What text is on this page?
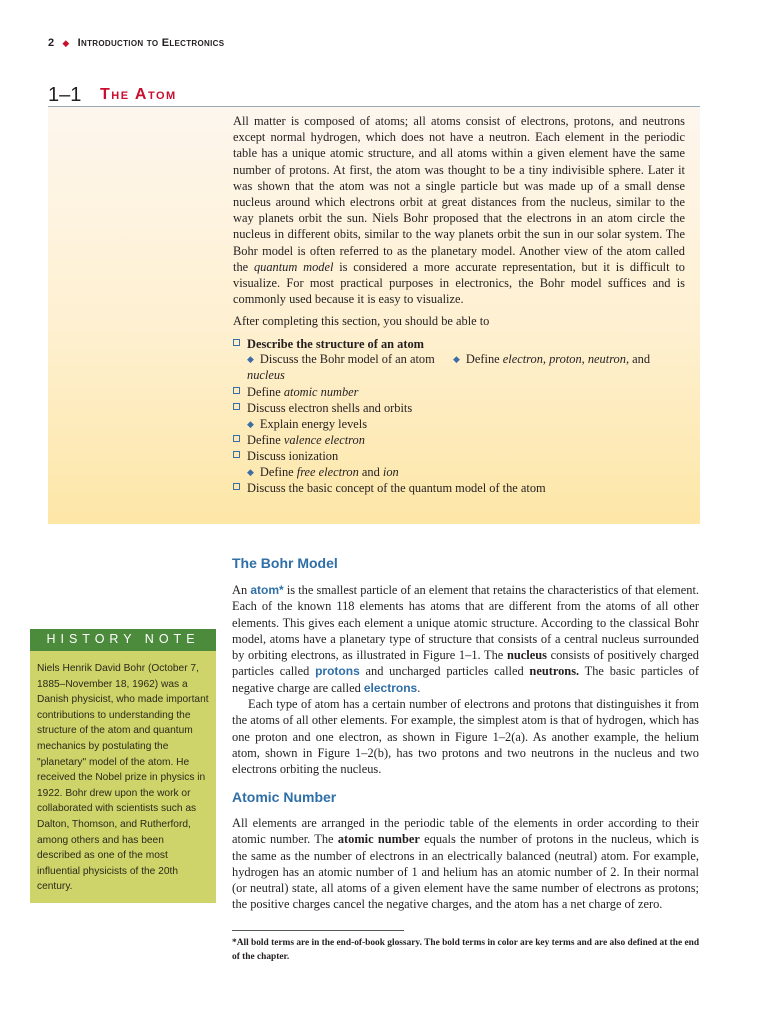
2 ◆ Introduction to Electronics
1–1 The Atom
All matter is composed of atoms; all atoms consist of electrons, protons, and neutrons except normal hydrogen, which does not have a neutron. Each element in the periodic table has a unique atomic structure, and all atoms within a given element have the same number of protons. At first, the atom was thought to be a tiny indivisible sphere. Later it was shown that the atom was not a single particle but was made up of a small dense nucleus around which electrons orbit at great distances from the nucleus, similar to the way planets orbit the sun. Niels Bohr proposed that the electrons in an atom circle the nucleus in different obits, similar to the way planets orbit the sun in our solar system. The Bohr model is often referred to as the planetary model. Another view of the atom called the quantum model is considered a more accurate representation, but it is difficult to visualize. For most practical purposes in electronics, the Bohr model suffices and is commonly used because it is easy to visualize.
After completing this section, you should be able to
Describe the structure of an atom
◆ Discuss the Bohr model of an atom ◆ Define electron, proton, neutron, and
nucleus
Define atomic number
Discuss electron shells and orbits
◆ Explain energy levels
Define valence electron
Discuss ionization
◆ Define free electron and ion
Discuss the basic concept of the quantum model of the atom
The Bohr Model
An atom* is the smallest particle of an element that retains the characteristics of that element. Each of the known 118 elements has atoms that are different from the atoms of all other elements. This gives each element a unique atomic structure. According to the classical Bohr model, atoms have a planetary type of structure that consists of a central nucleus surrounded by orbiting electrons, as illustrated in Figure 1–1. The nucleus consists of positively charged particles called protons and uncharged particles called neutrons. The basic particles of negative charge are called electrons.
Each type of atom has a certain number of electrons and protons that distinguishes it from the atoms of all other elements. For example, the simplest atom is that of hydrogen, which has one proton and one electron, as shown in Figure 1–2(a). As another example, the helium atom, shown in Figure 1–2(b), has two protons and two neutrons in the nucleus and two electrons orbiting the nucleus.
Atomic Number
All elements are arranged in the periodic table of the elements in order according to their atomic number. The atomic number equals the number of protons in the nucleus, which is the same as the number of electrons in an electrically balanced (neutral) atom. For example, hydrogen has an atomic number of 1 and helium has an atomic number of 2. In their normal (or neutral) state, all atoms of a given element have the same number of electrons as protons; the positive charges cancel the negative charges, and the atom has a net charge of zero.
HISTORY NOTE
Niels Henrik David Bohr (October 7, 1885–November 18, 1962) was a Danish physicist, who made important contributions to understanding the structure of the atom and quantum mechanics by postulating the "planetary" model of the atom. He received the Nobel prize in physics in 1922. Bohr drew upon the work or collaborated with scientists such as Dalton, Thomson, and Rutherford, among others and has been described as one of the most influential physicists of the 20th century.
*All bold terms are in the end-of-book glossary. The bold terms in color are key terms and are also defined at the end of the chapter.
